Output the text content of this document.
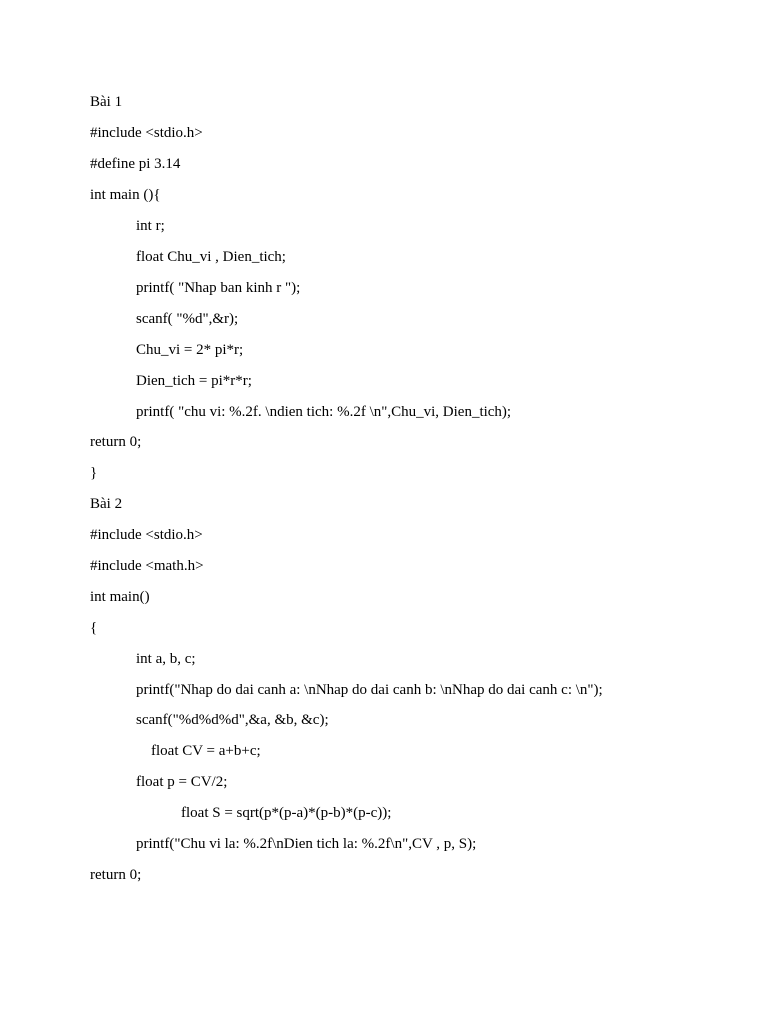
Bài 1
#include <stdio.h>
#define pi 3.14
int main (){
int r;
float Chu_vi , Dien_tich;
printf( "Nhap ban kinh r ");
scanf( "%d",&r);
Chu_vi = 2* pi*r;
Dien_tich = pi*r*r;
printf( "chu vi: %.2f. \ndien tich: %.2f \n",Chu_vi, Dien_tich);
return 0;
}
Bài 2
#include <stdio.h>
#include <math.h>
int main()
{
int a, b, c;
printf("Nhap do dai canh a: \nNhap do dai canh b: \nNhap do dai canh c: \n");
scanf("%d%d%d",&a, &b, &c);
float CV = a+b+c;
float p = CV/2;
float S = sqrt(p*(p-a)*(p-b)*(p-c));
printf("Chu vi la: %.2f\nDien tich la: %.2f\n",CV , p, S);
return 0;
